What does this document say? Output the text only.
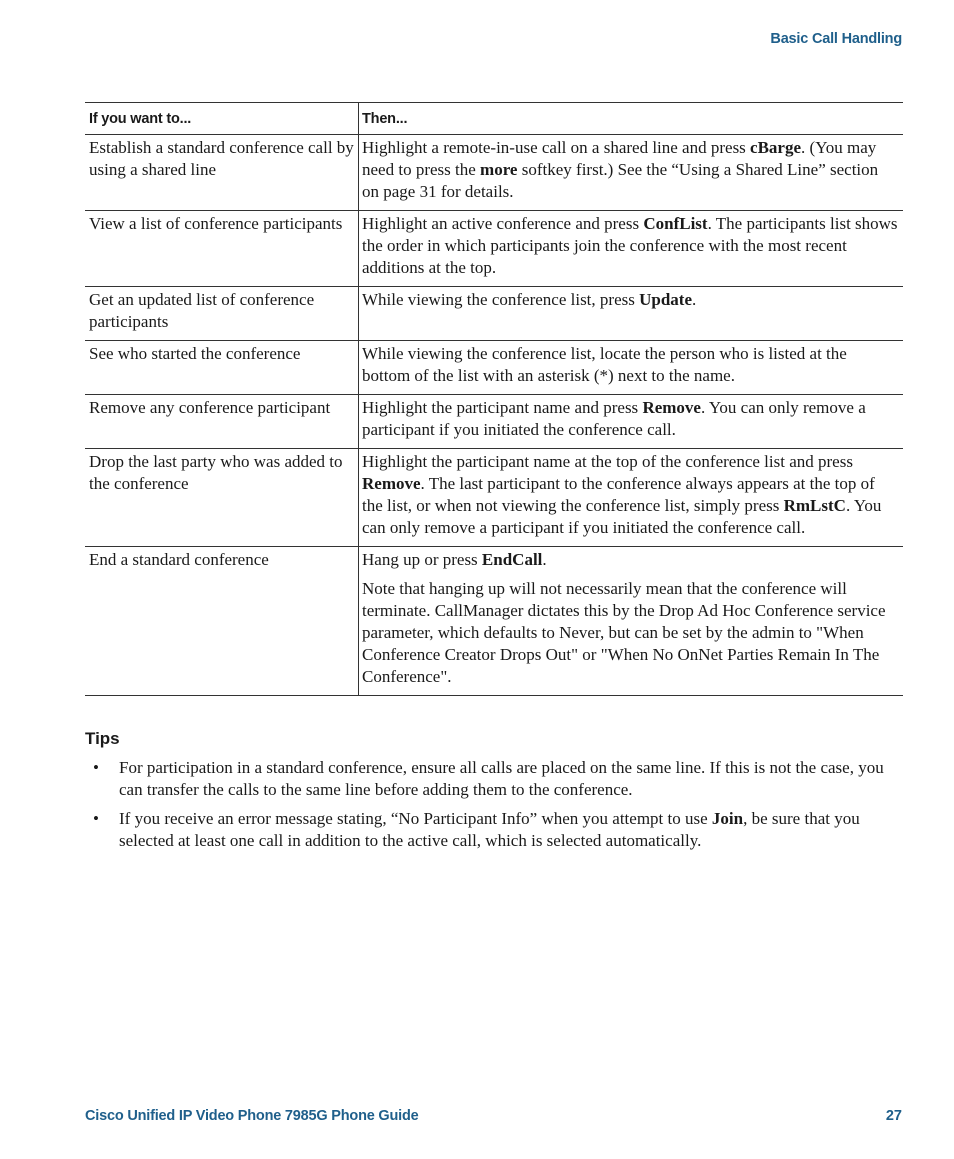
Basic Call Handling
If you want to...	Then...
Establish a standard conference call by using a shared line	Highlight a remote-in-use call on a shared line and press cBarge. (You may need to press the more softkey first.) See the “Using a Shared Line” section on page 31 for details.

View a list of conference participants	Highlight an active conference and press ConfList. The participants list shows the order in which participants join the conference with the most recent additions at the top.

Get an updated list of conference participants	While viewing the conference list, press Update.

See who started the conference	While viewing the conference list, locate the person who is listed at the bottom of the list with an asterisk (*) next to the name.

Remove any conference participant	Highlight the participant name and press Remove. You can only remove a participant if you initiated the conference call.

Drop the last party who was added to the conference	Highlight the participant name at the top of the conference list and press Remove. The last participant to the conference always appears at the top of the list, or when not viewing the conference list, simply press RmLstC. You can only remove a participant if you initiated the conference call.

End a standard conference	Hang up or press EndCall.
Note that hanging up will not necessarily mean that the conference will terminate. CallManager dictates this by the Drop Ad Hoc Conference service parameter, which defaults to Never, but can be set by the admin to "When Conference Creator Drops Out" or "When No OnNet Parties Remain In The Conference".
Tips
• For participation in a standard conference, ensure all calls are placed on the same line. If this is not the case, you can transfer the calls to the same line before adding them to the conference.
• If you receive an error message stating, “No Participant Info” when you attempt to use Join, be sure that you selected at least one call in addition to the active call, which is selected automatically.
Cisco Unified IP Video Phone 7985G Phone Guide	27
